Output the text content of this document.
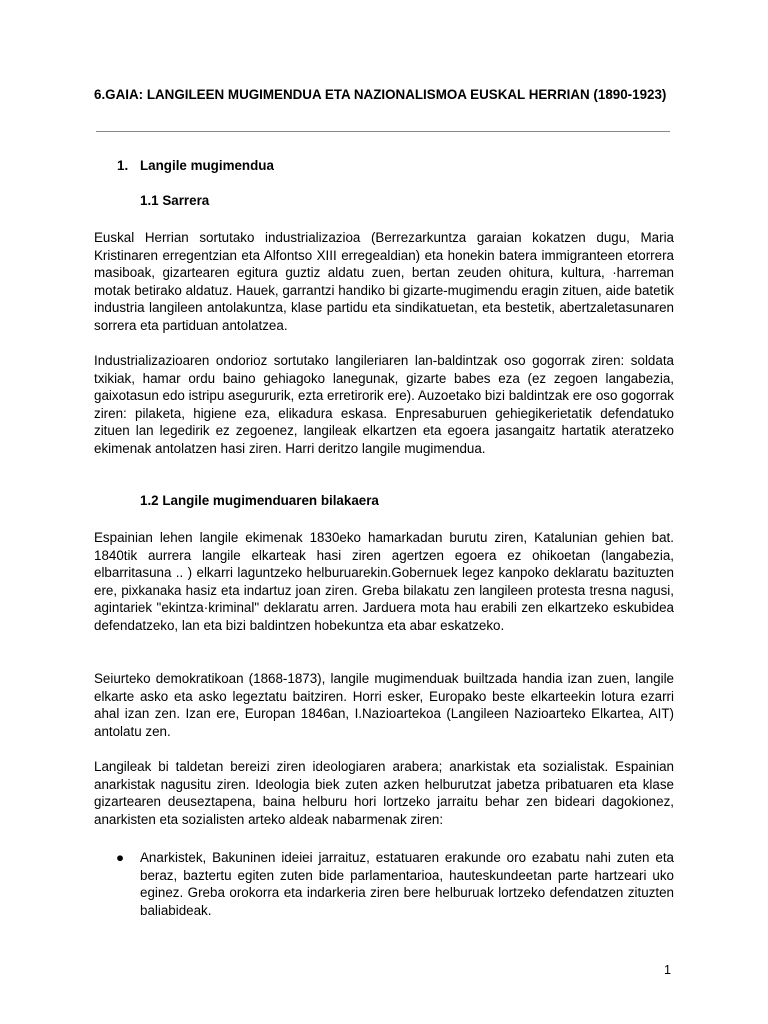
6.GAIA: LANGILEEN MUGIMENDUA ETA NAZIONALISMOA EUSKAL HERRIAN (1890-1923)

1. Langile mugimendua

1.1 Sarrera

Euskal Herrian sortutako industrializazioa (Berrezarkuntza garaian kokatzen dugu, Maria Kristinaren erregentzian eta Alfontso XIII erregealdian) eta honekin batera immigranteen etorrera masiboak, gizartearen egitura guztiz aldatu zuen, bertan zeuden ohitura, kultura, ·harreman motak betirako aldatuz. Hauek, garrantzi handiko bi gizarte-mugimendu eragin zituen, aide batetik industria langileen antolakuntza, klase partidu eta sindikatuetan, eta bestetik, abertzaletasunaren sorrera eta partiduan antolatzea.

Industrializazioaren ondorioz sortutako langileriaren lan-baldintzak oso gogorrak ziren: soldata txikiak, hamar ordu baino gehiagoko lanegunak, gizarte babes eza (ez zegoen langabezia, gaixotasun edo istripu asegururik, ezta erretirorik ere). Auzoetako bizi baldintzak ere oso gogorrak ziren: pilaketa, higiene eza, elikadura eskasa. Enpresaburuen gehiegikerietatik defendatuko zituen lan legedirik ez zegoenez, langileak elkartzen eta egoera jasangaitz hartatik ateratzeko ekimenak antolatzen hasi ziren. Harri deritzo langile mugimendua.

1.2 Langile mugimenduaren bilakaera

Espainian lehen langile ekimenak 1830eko hamarkadan burutu ziren, Katalunian gehien bat. 1840tik aurrera langile elkarteak hasi ziren agertzen egoera ez ohikoetan (langabezia, elbarritasuna .. ) elkarri laguntzeko helburuarekin.Gobernuek legez kanpoko deklaratu bazituzten ere, pixkanaka hasiz eta indartuz joan ziren. Greba bilakatu zen langileen protesta tresna nagusi, agintariek "ekintza·kriminal" deklaratu arren. Jarduera mota hau erabili zen elkartzeko eskubidea defendatzeko, lan eta bizi baldintzen hobekuntza eta abar eskatzeko.

Seiurteko demokratikoan (1868-1873), langile mugimenduak builtzada handia izan zuen, langile elkarte asko eta asko legeztatu baitziren. Horri esker, Europako beste elkarteekin lotura ezarri ahal izan zen. Izan ere, Europan 1846an, I.Nazioartekoa (Langileen Nazioarteko Elkartea, AIT) antolatu zen.

Langileak bi taldetan bereizi ziren ideologiaren arabera; anarkistak eta sozialistak. Espainian anarkistak nagusitu ziren. Ideologia biek zuten azken helburutzat jabetza pribatuaren eta klase gizartearen deuseztapena, baina helburu hori lortzeko jarraitu behar zen bideari dagokionez, anarkisten eta sozialisten arteko aldeak nabarmenak ziren:

● Anarkistek, Bakuninen ideiei jarraituz, estatuaren erakunde oro ezabatu nahi zuten eta beraz, baztertu egiten zuten bide parlamentarioa, hauteskundeetan parte hartzeari uko eginez. Greba orokorra eta indarkeria ziren bere helburuak lortzeko defendatzen zituzten baliabideak.
1
